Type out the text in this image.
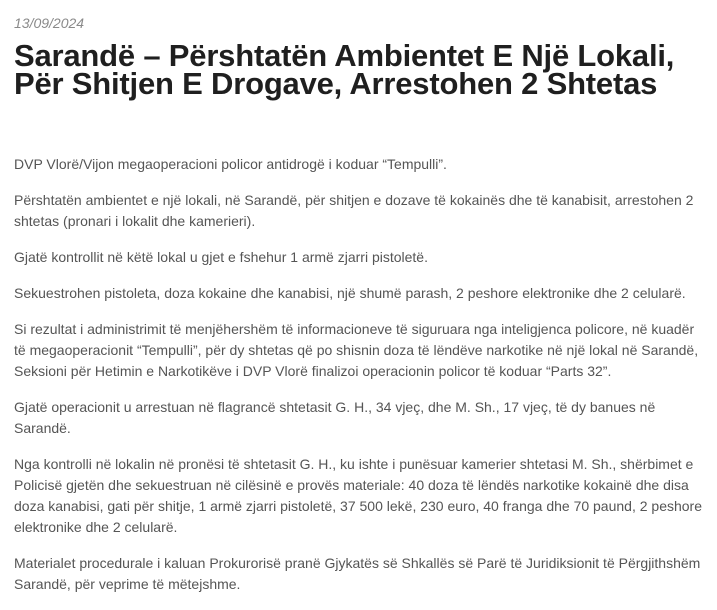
13/09/2024
Sarandë – Përshtatën Ambientet E Një Lokali, Për Shitjen E Drogave, Arrestohen 2 Shtetas

DVP Vlorë/Vijon megaoperacioni policor antidrogë i koduar “Tempulli”.

Përshtatën ambientet e një lokali, në Sarandë, për shitjen e dozave të kokainës dhe të kanabisit, arrestohen 2 shtetas (pronari i lokalit dhe kamerieri).

Gjatë kontrollit në këtë lokal u gjet e fshehur 1 armë zjarri pistoletë.

Sekuestrohen pistoleta, doza kokaine dhe kanabisi, një shumë parash, 2 peshore elektronike dhe 2 celularë.

Si rezultat i administrimit të menjëhershëm të informacioneve të siguruara nga inteligjenca policore, në kuadër të megaoperacionit “Tempulli”, për dy shtetas që po shisnin doza të lëndëve narkotike në një lokal në Sarandë, Seksioni për Hetimin e Narkotikëve i DVP Vlorë finalizoi operacionin policor të koduar “Parts 32”.

Gjatë operacionit u arrestuan në flagrancë shtetasit G. H., 34 vjeç, dhe M. Sh., 17 vjeç, të dy banues në Sarandë.

Nga kontrolli në lokalin në pronësi të shtetasit G. H., ku ishte i punësuar kamerier shtetasi M. Sh., shërbimet e Policisë gjetën dhe sekuestruan në cilësinë e provës materiale: 40 doza të lëndës narkotike kokainë dhe disa doza kanabisi, gati për shitje, 1 armë zjarri pistoletë, 37 500 lekë, 230 euro, 40 franga dhe 70 paund, 2 peshore elektronike dhe 2 celularë.

Materialet procedurale i kaluan Prokurorisë pranë Gjykatës së Shkallës së Parë të Juridiksionit të Përgjithshëm Sarandë, për veprime të mëtejshme.
